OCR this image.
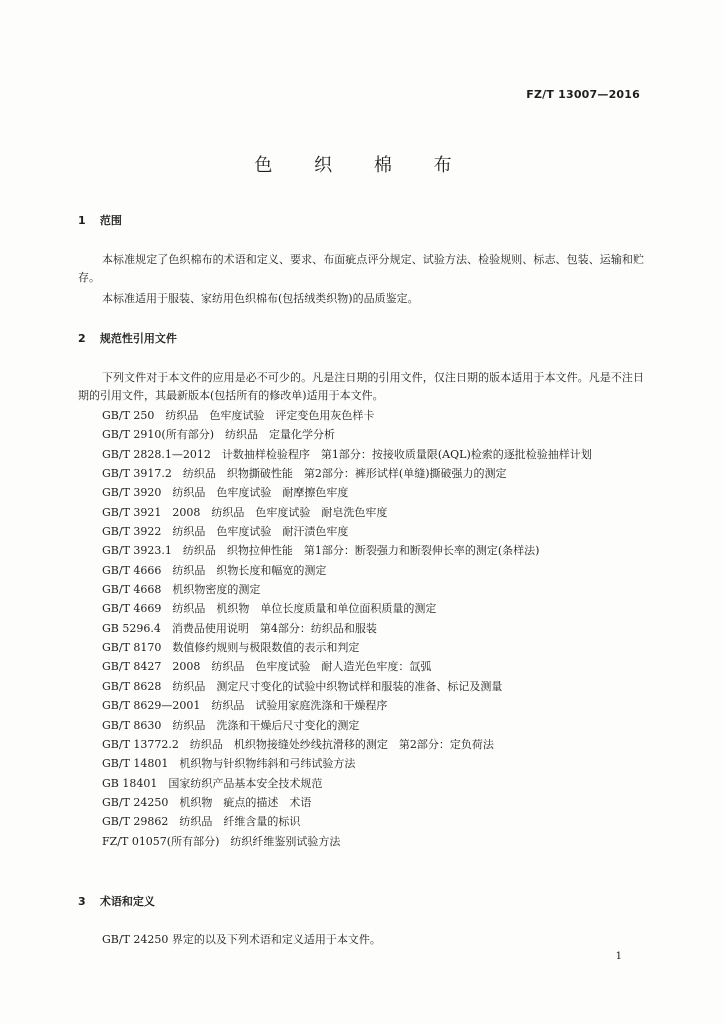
FZ/T 13007—2016
色 织 棉 布
1 范围
本标准规定了色织棉布的术语和定义、要求、布面疵点评分规定、试验方法、检验规则、标志、包装、运输和贮存。
本标准适用于服装、家纺用色织棉布(包括绒类织物)的品质鉴定。
2 规范性引用文件
下列文件对于本文件的应用是必不可少的。凡是注日期的引用文件，仅注日期的版本适用于本文件。凡是不注日期的引用文件，其最新版本(包括所有的修改单)适用于本文件。
GB/T 250　纺织品　色牢度试验　评定变色用灰色样卡
GB/T 2910(所有部分)　纺织品　定量化学分析
GB/T 2828.1—2012　计数抽样检验程序　第1部分：按接收质量限(AQL)检索的逐批检验抽样计划
GB/T 3917.2　纺织品　织物撕破性能　第2部分：裤形试样(单缝)撕破强力的测定
GB/T 3920　纺织品　色牢度试验　耐摩擦色牢度
GB/T 3921　2008　纺织品　色牢度试验　耐皂洗色牢度
GB/T 3922　纺织品　色牢度试验　耐汗渍色牢度
GB/T 3923.1　纺织品　织物拉伸性能　第1部分：断裂强力和断裂伸长率的测定(条样法)
GB/T 4666　纺织品　织物长度和幅宽的测定
GB/T 4668　机织物密度的测定
GB/T 4669　纺织品　机织物　单位长度质量和单位面积质量的测定
GB 5296.4　消费品使用说明　第4部分：纺织品和服装
GB/T 8170　数值修约规则与极限数值的表示和判定
GB/T 8427　2008　纺织品　色牢度试验　耐人造光色牢度：氙弧
GB/T 8628　纺织品　测定尺寸变化的试验中织物试样和服装的准备、标记及测量
GB/T 8629—2001　纺织品　试验用家庭洗涤和干燥程序
GB/T 8630　纺织品　洗涤和干燥后尺寸变化的测定
GB/T 13772.2　纺织品　机织物接缝处纱线抗滑移的测定　第2部分：定负荷法
GB/T 14801　机织物与针织物纬斜和弓纬试验方法
GB 18401　国家纺织产品基本安全技术规范
GB/T 24250　机织物　疵点的描述　术语
GB/T 29862　纺织品　纤维含量的标识
FZ/T 01057(所有部分)　纺织纤维鉴别试验方法
3 术语和定义
GB/T 24250 界定的以及下列术语和定义适用于本文件。
1
